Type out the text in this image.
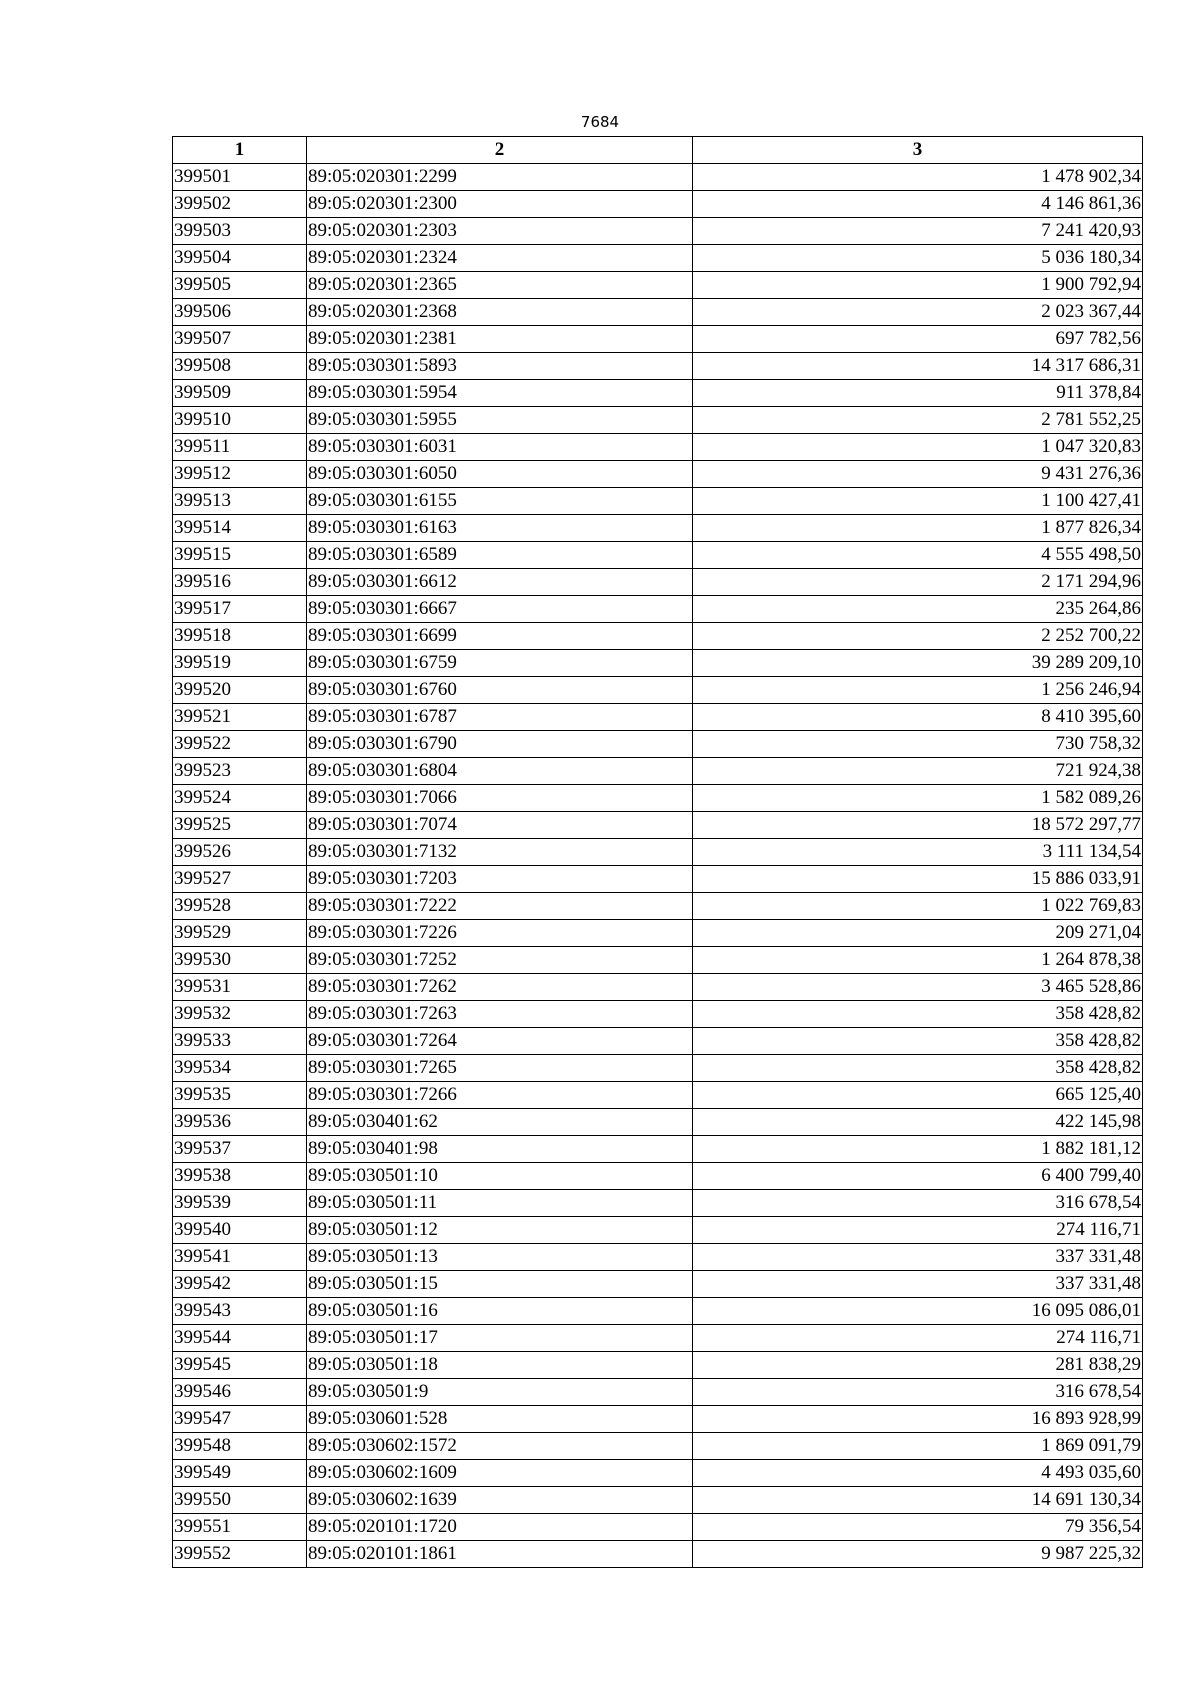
7684
1	2	3
399501	89:05:020301:2299	1 478 902,34
399502	89:05:020301:2300	4 146 861,36
399503	89:05:020301:2303	7 241 420,93
399504	89:05:020301:2324	5 036 180,34
399505	89:05:020301:2365	1 900 792,94
399506	89:05:020301:2368	2 023 367,44
399507	89:05:020301:2381	697 782,56
399508	89:05:030301:5893	14 317 686,31
399509	89:05:030301:5954	911 378,84
399510	89:05:030301:5955	2 781 552,25
399511	89:05:030301:6031	1 047 320,83
399512	89:05:030301:6050	9 431 276,36
399513	89:05:030301:6155	1 100 427,41
399514	89:05:030301:6163	1 877 826,34
399515	89:05:030301:6589	4 555 498,50
399516	89:05:030301:6612	2 171 294,96
399517	89:05:030301:6667	235 264,86
399518	89:05:030301:6699	2 252 700,22
399519	89:05:030301:6759	39 289 209,10
399520	89:05:030301:6760	1 256 246,94
399521	89:05:030301:6787	8 410 395,60
399522	89:05:030301:6790	730 758,32
399523	89:05:030301:6804	721 924,38
399524	89:05:030301:7066	1 582 089,26
399525	89:05:030301:7074	18 572 297,77
399526	89:05:030301:7132	3 111 134,54
399527	89:05:030301:7203	15 886 033,91
399528	89:05:030301:7222	1 022 769,83
399529	89:05:030301:7226	209 271,04
399530	89:05:030301:7252	1 264 878,38
399531	89:05:030301:7262	3 465 528,86
399532	89:05:030301:7263	358 428,82
399533	89:05:030301:7264	358 428,82
399534	89:05:030301:7265	358 428,82
399535	89:05:030301:7266	665 125,40
399536	89:05:030401:62	422 145,98
399537	89:05:030401:98	1 882 181,12
399538	89:05:030501:10	6 400 799,40
399539	89:05:030501:11	316 678,54
399540	89:05:030501:12	274 116,71
399541	89:05:030501:13	337 331,48
399542	89:05:030501:15	337 331,48
399543	89:05:030501:16	16 095 086,01
399544	89:05:030501:17	274 116,71
399545	89:05:030501:18	281 838,29
399546	89:05:030501:9	316 678,54
399547	89:05:030601:528	16 893 928,99
399548	89:05:030602:1572	1 869 091,79
399549	89:05:030602:1609	4 493 035,60
399550	89:05:030602:1639	14 691 130,34
399551	89:05:020101:1720	79 356,54
399552	89:05:020101:1861	9 987 225,32
